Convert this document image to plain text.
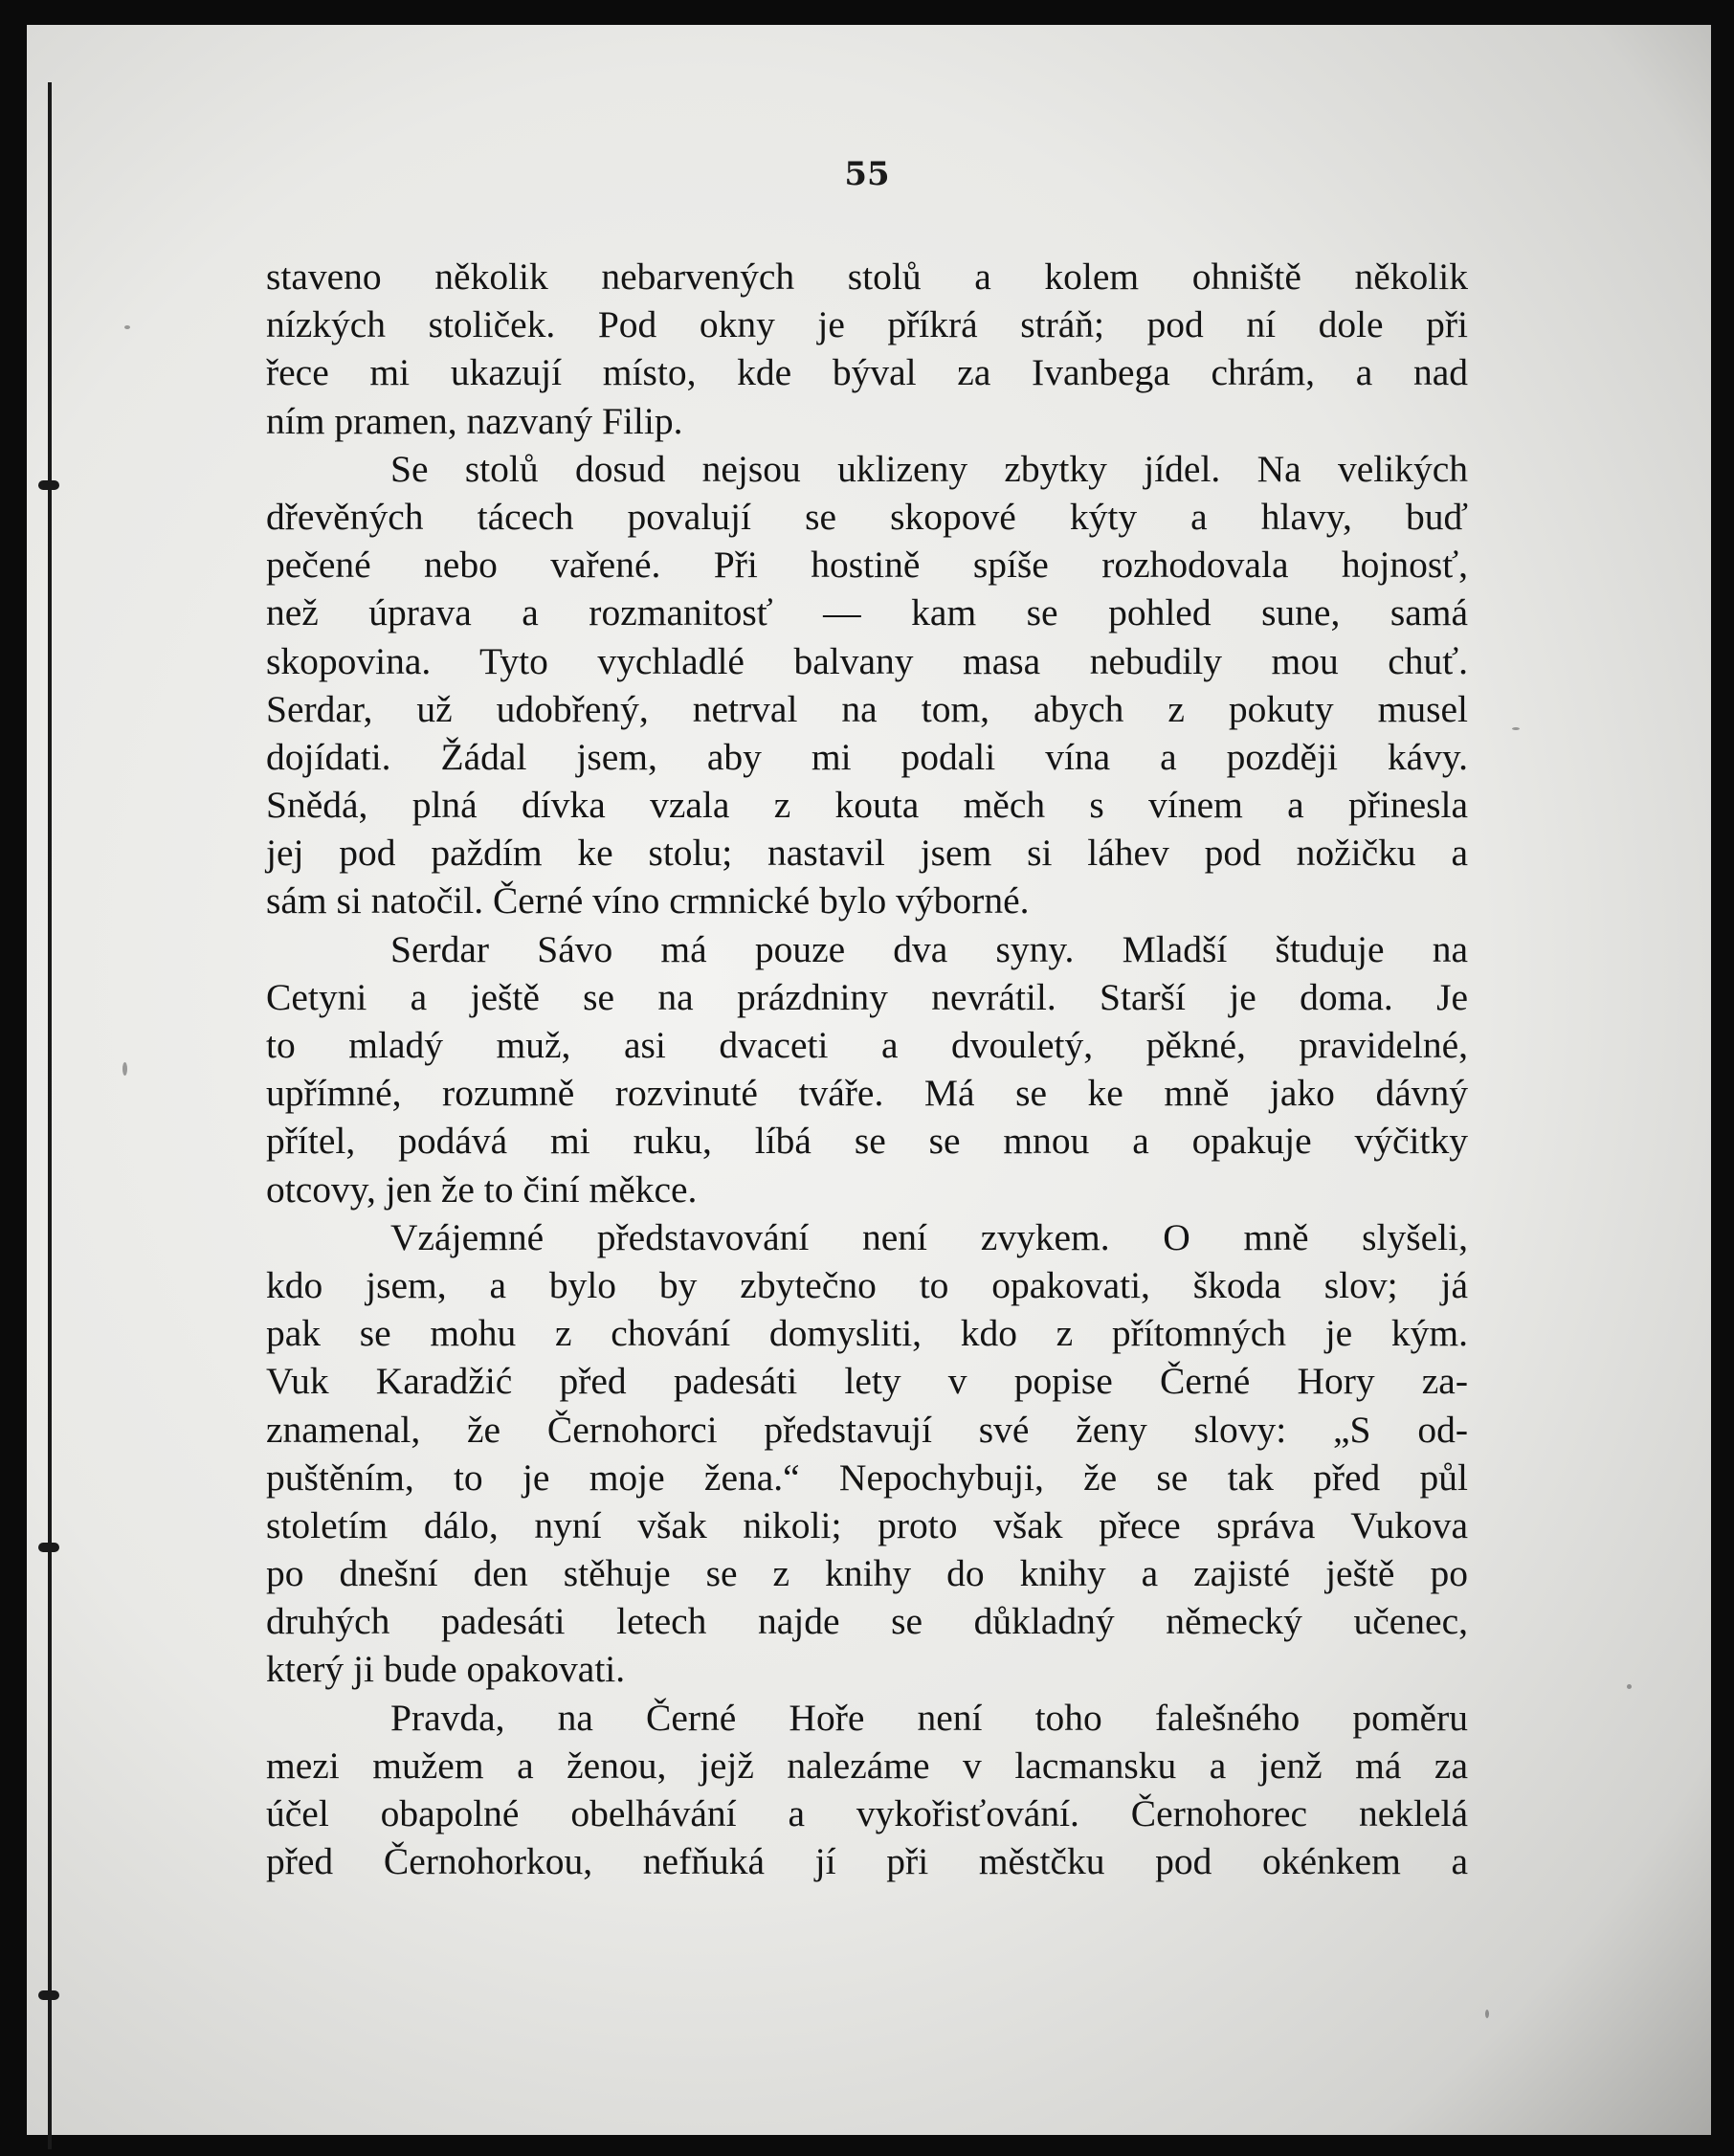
55
staveno několik nebarvených stolů a kolem ohniště několik
nízkých stoliček. Pod okny je příkrá stráň; pod ní dole při
řece mi ukazují místo, kde býval za Ivanbega chrám, a nad
ním pramen, nazvaný Filip.
Se stolů dosud nejsou uklizeny zbytky jídel. Na velikých
dřevěných tácech povalují se skopové kýty a hlavy, buď
pečené nebo vařené. Při hostině spíše rozhodovala hojnosť,
než úprava a rozmanitosť — kam se pohled sune, samá
skopovina. Tyto vychladlé balvany masa nebudily mou chuť.
Serdar, už udobřený, netrval na tom, abych z pokuty musel
dojídati. Žádal jsem, aby mi podali vína a později kávy.
Snědá, plná dívka vzala z kouta měch s vínem a přinesla
jej pod paždím ke stolu; nastavil jsem si láhev pod nožičku a
sám si natočil. Černé víno crmnické bylo výborné.
Serdar Sávo má pouze dva syny. Mladší študuje na
Cetyni a ještě se na prázdniny nevrátil. Starší je doma. Je
to mladý muž, asi dvaceti a dvouletý, pěkné, pravidelné,
upřímné, rozumně rozvinuté tváře. Má se ke mně jako dávný
přítel, podává mi ruku, líbá se se mnou a opakuje výčitky
otcovy, jen že to činí měkce.
Vzájemné představování není zvykem. O mně slyšeli,
kdo jsem, a bylo by zbytečno to opakovati, škoda slov; já
pak se mohu z chování domysliti, kdo z přítomných je kým.
Vuk Karadžić před padesáti lety v popise Černé Hory za-
znamenal, že Černohorci představují své ženy slovy: „S od-
puštěním, to je moje žena.“ Nepochybuji, že se tak před půl
stoletím dálo, nyní však nikoli; proto však přece správa Vukova
po dnešní den stěhuje se z knihy do knihy a zajisté ještě po
druhých padesáti letech najde se důkladný německý učenec,
který ji bude opakovati.
Pravda, na Černé Hoře není toho falešného poměru
mezi mužem a ženou, jejž nalezáme v lacmansku a jenž má za
účel obapolné obelhávání a vykořisťování. Černohorec neklelá
před Černohorkou, nefňuká jí při městčku pod okénkem a
